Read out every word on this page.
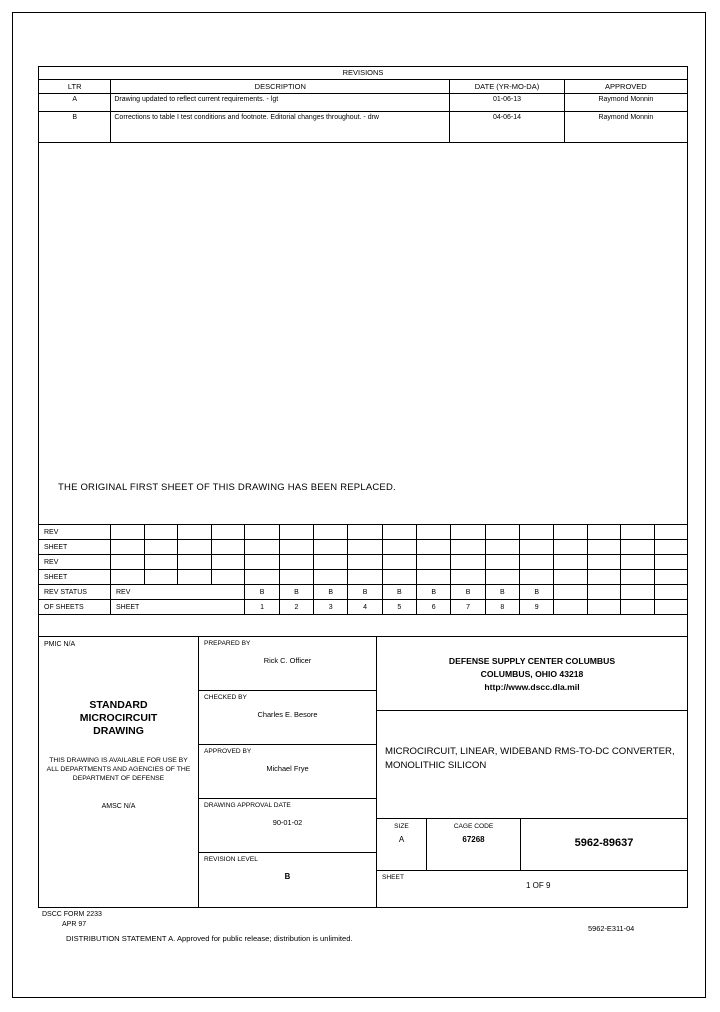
REVISIONS			
LTR	DESCRIPTION	DATE (YR-MO-DA)	APPROVED
A	Drawing updated to reflect current requirements. - lgt	01-06-13	Raymond Monnin
B	Corrections to table I test conditions and footnote. Editorial changes throughout. - drw	04-06-14	Raymond Monnin
THE ORIGINAL FIRST SHEET OF THIS DRAWING HAS BEEN REPLACED.
REV																	
SHEET																	
REV																	
SHEET																	
REV STATUS	REV				B	B	B	B	B	B	B	B	B				
OF SHEETS	SHEET				1	2	3	4	5	6	7	8	9				
PMIC N/A
STANDARD
MICROCIRCUIT
DRAWING
THIS DRAWING IS AVAILABLE FOR USE BY ALL DEPARTMENTS AND AGENCIES OF THE DEPARTMENT OF DEFENSE
AMSC N/A
PREPARED BY
Rick C. Officer
CHECKED BY
Charles E. Besore
APPROVED BY
Michael Frye
DRAWING APPROVAL DATE
90-01-02
REVISION LEVEL
B
DEFENSE SUPPLY CENTER COLUMBUS
COLUMBUS, OHIO 43218
http://www.dscc.dla.mil
MICROCIRCUIT, LINEAR, WIDEBAND RMS-TO-DC CONVERTER, MONOLITHIC SILICON
SIZE
A
CAGE CODE
67268	5962-89637
SHEET
1 OF 9
DSCC FORM 2233
APR 97
DISTRIBUTION STATEMENT A. Approved for public release; distribution is unlimited.
5962-E311-04
